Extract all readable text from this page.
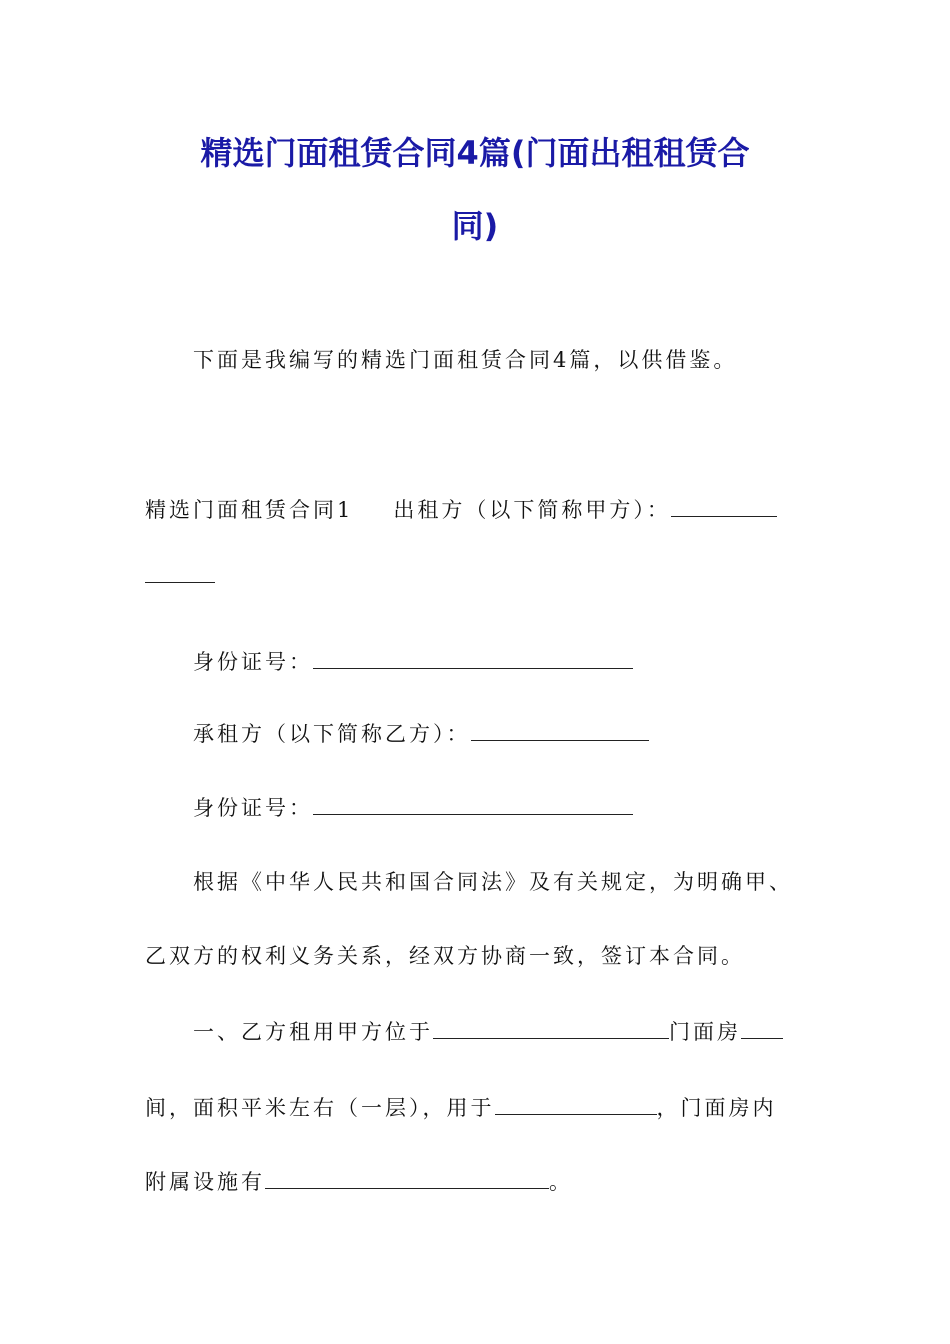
精选门面租赁合同4篇(门面出租租赁合
同)
下面是我编写的精选门面租赁合同4篇，以供借鉴。
精选门面租赁合同1 出租方（以下简称甲方）：
身份证号：
承租方（以下简称乙方）：
身份证号：
根据《中华人民共和国合同法》及有关规定，为明确甲、
乙双方的权利义务关系，经双方协商一致，签订本合同。
一、乙方租用甲方位于	门面房
间，面积平米左右（一层），用于	，门面房内
附属设施有	。
